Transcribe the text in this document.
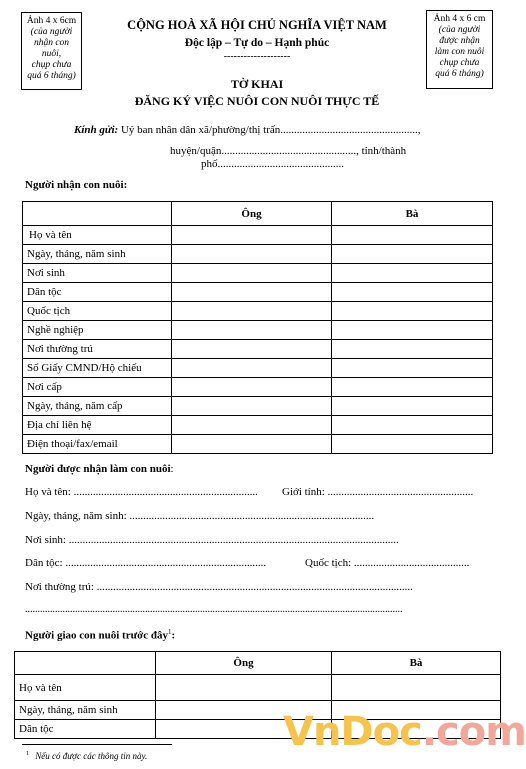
Ảnh 4 x 6cm
(của người
nhận con
nuôi,
chụp chưa
quá 6 tháng)
Ảnh 4 x 6 cm
(của người
được nhận
làm con nuôi
chụp chưa
quá 6 tháng)
CỘNG HOÀ XÃ HỘI CHỦ NGHĨA VIỆT NAM
Độc lập – Tự do – Hạnh phúc
--------------------
TỜ KHAI
ĐĂNG KÝ VIỆC NUÔI CON NUÔI THỰC TẾ
Kính gửi: Uỷ ban nhân dân xã/phường/thị trấn..................................................,
huyện/quận................................................., tỉnh/thành
phố..............................................
Người nhận con nuôi:
	Ông	Bà
Họ và tên		
Ngày, tháng, năm sinh		
Nơi sinh		
Dân tộc		
Quốc tịch		
Nghề nghiệp		
Nơi thường trú		
Số Giấy CMND/Hộ chiếu		
Nơi cấp		
Ngày, tháng, năm cấp		
Địa chỉ liên hệ		
Điện thoại/fax/email		
Người được nhận làm con nuôi:
Họ và tên: ................................................................... Giới tính: .....................................................
Ngày, tháng, năm sinh: .........................................................................................
Nơi sinh: ........................................................................................................................
Dân tộc: .........................................................................	Quốc tịch: ..........................................
Nơi thường trú: ...................................................................................................................
.......................................................................................................................................................
Người giao con nuôi trước đây$^1$:
	Ông	Bà
Họ và tên		
Ngày, tháng, năm sinh		
Dân tộc		
$^1$ Nếu có được các thông tin này.
VnDoc.com
